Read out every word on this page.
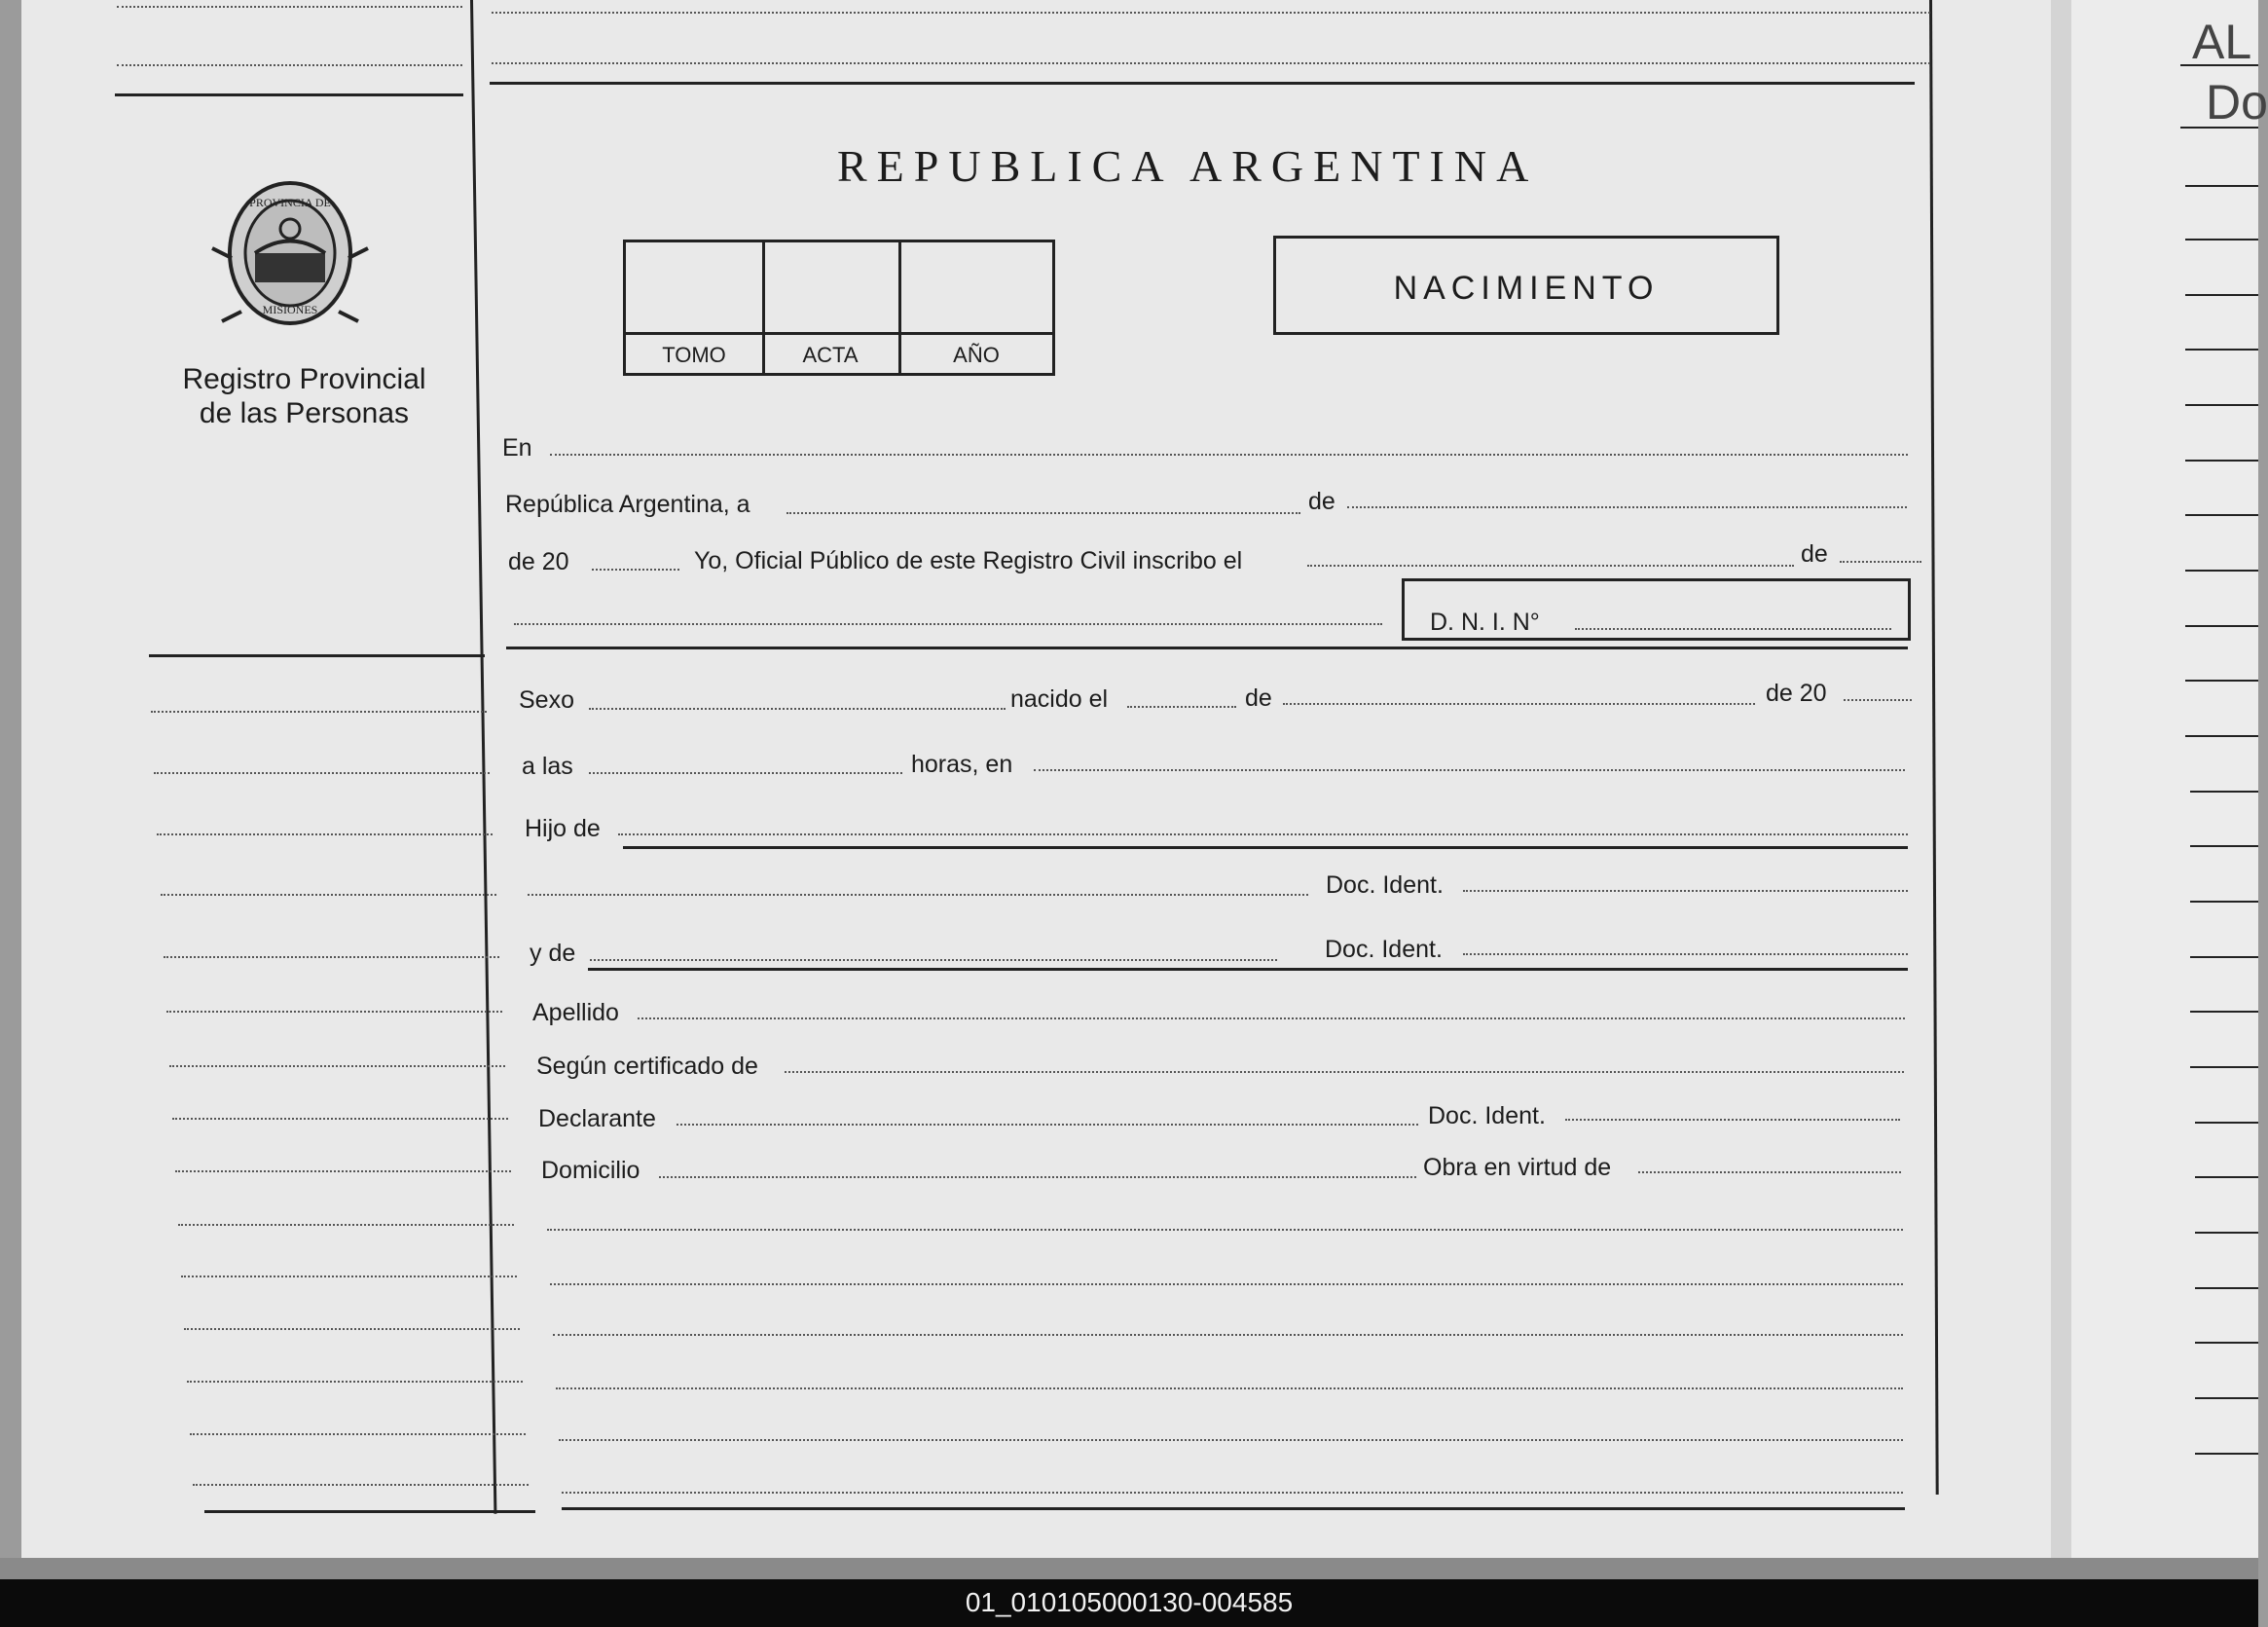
AL
Do
01_010105000130-004585
PROVINCIA DE
MISIONES
Registro Provincial
de las Personas
REPUBLICA ARGENTINA
TOMO	ACTA	AÑO
NACIMIENTO
En
República Argentina, a	de
de 20	Yo, Oficial Público de este Registro Civil inscribo el	de
D. N. I. N°
Sexo	nacido el	de	de 20
a las	horas, en
Hijo de
Doc. Ident.
y de	Doc. Ident.
Apellido
Según certificado de
Declarante	Doc. Ident.
Domicilio	Obra en virtud de
